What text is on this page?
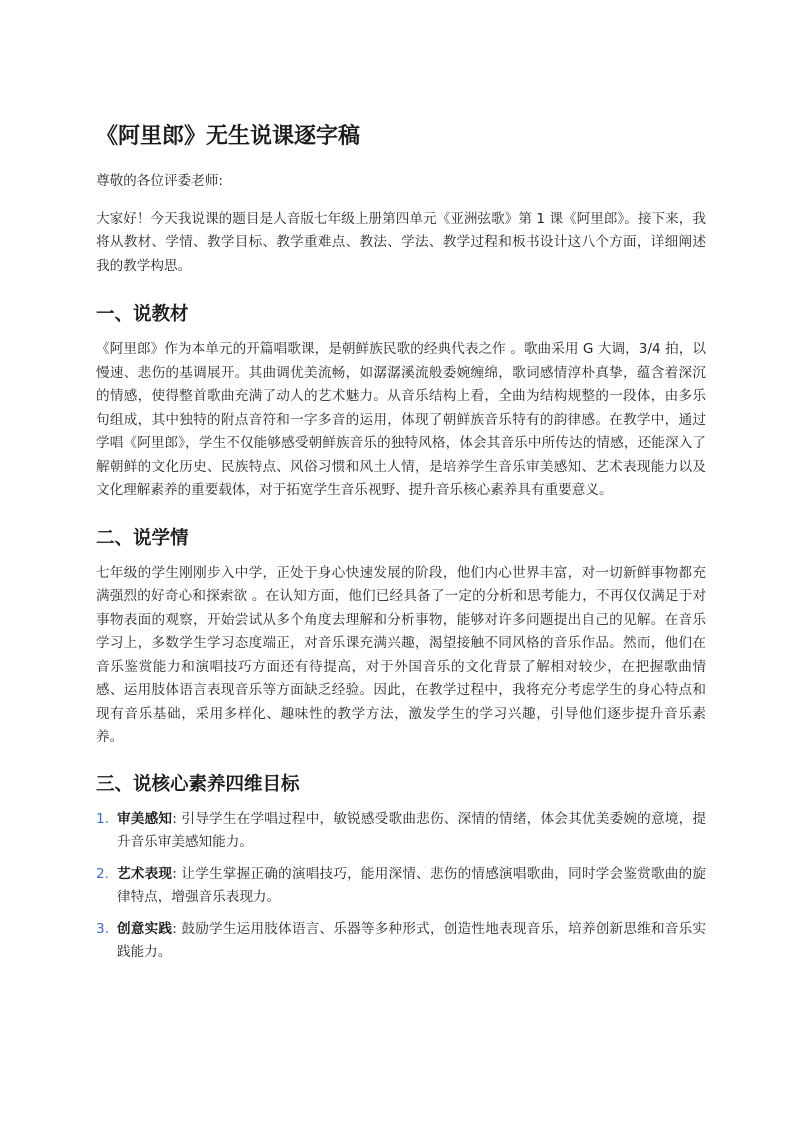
《阿里郎》无生说课逐字稿

尊敬的各位评委老师:

大家好！今天我说课的题目是人音版七年级上册第四单元《亚洲弦歌》第 1 课《阿里郎》。接下来，我将从教材、学情、教学目标、教学重难点、教法、学法、教学过程和板书设计这八个方面，详细阐述我的教学构思。

一、说教材

《阿里郎》作为本单元的开篇唱歌课，是朝鲜族民歌的经典代表之作 。歌曲采用 G 大调，3/4 拍，以慢速、悲伤的基调展开。其曲调优美流畅，如潺潺溪流般委婉缠绵，歌词感情淳朴真挚，蕴含着深沉的情感，使得整首歌曲充满了动人的艺术魅力。从音乐结构上看，全曲为结构规整的一段体，由多乐句组成，其中独特的附点音符和一字多音的运用，体现了朝鲜族音乐特有的韵律感。在教学中，通过学唱《阿里郎》，学生不仅能够感受朝鲜族音乐的独特风格，体会其音乐中所传达的情感，还能深入了解朝鲜的文化历史、民族特点、风俗习惯和风土人情，是培养学生音乐审美感知、艺术表现能力以及文化理解素养的重要载体，对于拓宽学生音乐视野、提升音乐核心素养具有重要意义。

二、说学情

七年级的学生刚刚步入中学，正处于身心快速发展的阶段，他们内心世界丰富，对一切新鲜事物都充满强烈的好奇心和探索欲 。在认知方面，他们已经具备了一定的分析和思考能力，不再仅仅满足于对事物表面的观察，开始尝试从多个角度去理解和分析事物，能够对许多问题提出自己的见解。在音乐学习上，多数学生学习态度端正，对音乐课充满兴趣，渴望接触不同风格的音乐作品。然而，他们在音乐鉴赏能力和演唱技巧方面还有待提高，对于外国音乐的文化背景了解相对较少，在把握歌曲情感、运用肢体语言表现音乐等方面缺乏经验。因此，在教学过程中，我将充分考虑学生的身心特点和现有音乐基础，采用多样化、趣味性的教学方法，激发学生的学习兴趣，引导他们逐步提升音乐素养。

三、说核心素养四维目标
1. 审美感知: 引导学生在学唱过程中，敏锐感受歌曲悲伤、深情的情绪，体会其优美委婉的意境，提升音乐审美感知能力。
2. 艺术表现: 让学生掌握正确的演唱技巧，能用深情、悲伤的情感演唱歌曲，同时学会鉴赏歌曲的旋律特点，增强音乐表现力。
3. 创意实践: 鼓励学生运用肢体语言、乐器等多种形式，创造性地表现音乐，培养创新思维和音乐实践能力。
